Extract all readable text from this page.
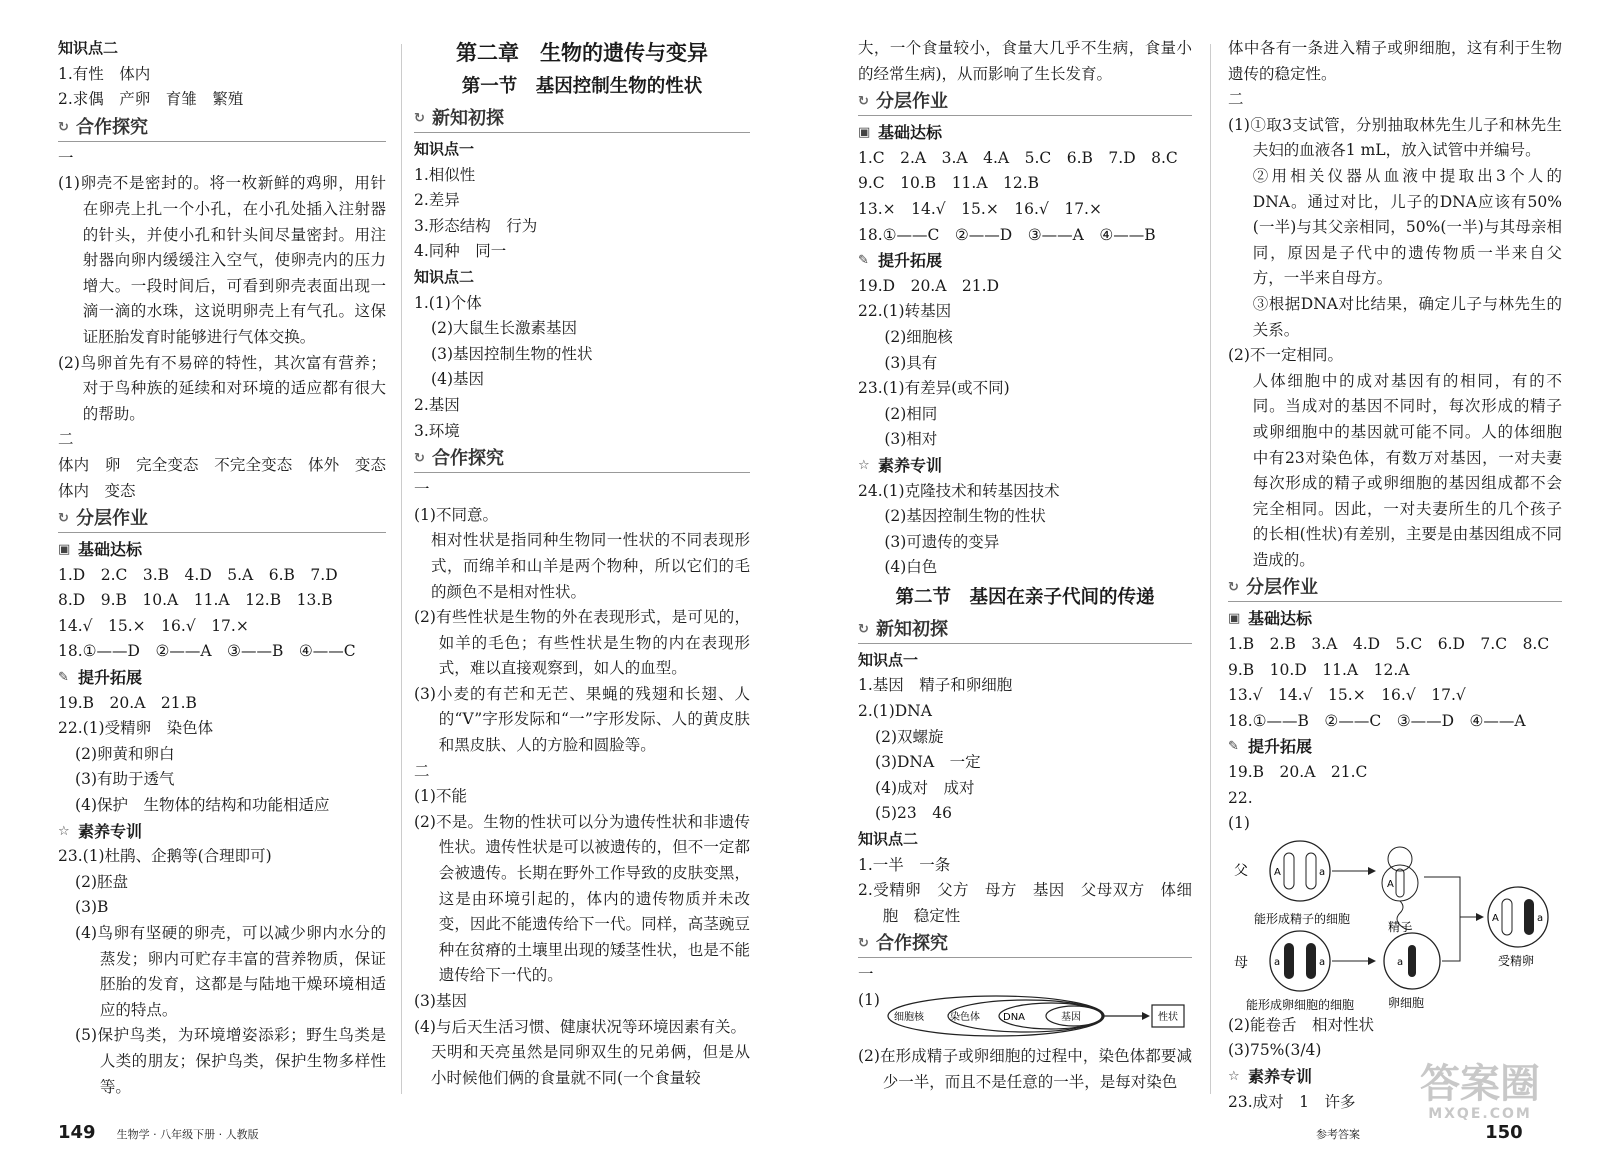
知识点二
1.有性　体内
2.求偶　产卵　育雏　繁殖
↻ 合作探究
一
(1)卵壳不是密封的。将一枚新鲜的鸡卵，用针在卵壳上扎一个小孔，在小孔处插入注射器的针头，并使小孔和针头间尽量密封。用注射器向卵内缓缓注入空气，使卵壳内的压力增大。一段时间后，可看到卵壳表面出现一滴一滴的水珠，这说明卵壳上有气孔。这保证胚胎发育时能够进行气体交换。
(2)鸟卵首先有不易碎的特性，其次富有营养；对于鸟种族的延续和对环境的适应都有很大的帮助。
二
体内　卵　完全变态　不完全变态　体外　变态　体内　变态
↻ 分层作业
▣ 基础达标
1.D　2.C　3.B　4.D　5.A　6.B　7.D
8.D　9.B　10.A　11.A　12.B　13.B
14.√　15.×　16.√　17.×
18.①——D　②——A　③——B　④——C
✎ 提升拓展
19.B　20.A　21.B
22.(1)受精卵　染色体
(2)卵黄和卵白
(3)有助于透气
(4)保护　生物体的结构和功能相适应
☆ 素养专训
23.(1)杜鹃、企鹅等(合理即可)
(2)胚盘
(3)B
(4)鸟卵有坚硬的卵壳，可以减少卵内水分的蒸发；卵内可贮存丰富的营养物质，保证胚胎的发育，这都是与陆地干燥环境相适应的特点。
(5)保护鸟类，为环境增姿添彩；野生鸟类是人类的朋友；保护鸟类，保护生物多样性等。
第二章　生物的遗传与变异
第一节　基因控制生物的性状
↻ 新知初探
知识点一
1.相似性
2.差异
3.形态结构　行为
4.同种　同一
知识点二
1.(1)个体
(2)大鼠生长激素基因
(3)基因控制生物的性状
(4)基因
2.基因
3.环境
↻ 合作探究
一
(1)不同意。
相对性状是指同种生物同一性状的不同表现形式，而绵羊和山羊是两个物种，所以它们的毛的颜色不是相对性状。
(2)有些性状是生物的外在表现形式，是可见的，如羊的毛色；有些性状是生物的内在表现形式，难以直接观察到，如人的血型。
(3)小麦的有芒和无芒、果蝇的残翅和长翅、人的“V”字形发际和“一”字形发际、人的黄皮肤和黑皮肤、人的方脸和圆脸等。
二
(1)不能
(2)不是。生物的性状可以分为遗传性状和非遗传性状。遗传性状是可以被遗传的，但不一定都会被遗传。长期在野外工作导致的皮肤变黑，这是由环境引起的，体内的遗传物质并未改变，因此不能遗传给下一代。同样，高茎豌豆种在贫瘠的土壤里出现的矮茎性状，也是不能遗传给下一代的。
(3)基因
(4)与后天生活习惯、健康状况等环境因素有关。
天明和天亮虽然是同卵双生的兄弟俩，但是从小时候他们俩的食量就不同(一个食量较
大，一个食量较小，食量大几乎不生病，食量小的经常生病)，从而影响了生长发育。
↻ 分层作业
▣ 基础达标
1.C　2.A　3.A　4.A　5.C　6.B　7.D　8.C
9.C　10.B　11.A　12.B
13.×　14.√　15.×　16.√　17.×
18.①——C　②——D　③——A　④——B
✎ 提升拓展
19.D　20.A　21.D
22.(1)转基因
(2)细胞核
(3)具有
23.(1)有差异(或不同)
(2)相同
(3)相对
☆ 素养专训
24.(1)克隆技术和转基因技术
(2)基因控制生物的性状
(3)可遗传的变异
(4)白色
第二节　基因在亲子代间的传递
↻ 新知初探
知识点一
1.基因　精子和卵细胞
2.(1)DNA
(2)双螺旋
(3)DNA　一定
(4)成对　成对
(5)23　46
知识点二
1.一半　一条
2.受精卵　父方　母方　基因　父母双方　体细胞　稳定性
↻ 合作探究
一
(1)
细胞核	染色体 DNA	基因	性状
(2)在形成精子或卵细胞的过程中，染色体都要减少一半，而且不是任意的一半，是每对染色
体中各有一条进入精子或卵细胞，这有利于生物遗传的稳定性。
二
(1)①取3支试管，分别抽取林先生儿子和林先生夫妇的血液各1 mL，放入试管中并编号。
②用相关仪器从血液中提取出3个人的DNA。通过对比，儿子的DNA应该有50%(一半)与其父亲相同，50%(一半)与其母亲相同，原因是子代中的遗传物质一半来自父方，一半来自母方。
③根据DNA对比结果，确定儿子与林先生的关系。
(2)不一定相同。
人体细胞中的成对基因有的相同，有的不同。当成对的基因不同时，每次形成的精子或卵细胞中的基因就可能不同。人的体细胞中有23对染色体，有数万对基因，一对夫妻每次形成的精子或卵细胞的基因组成都不会完全相同。因此，一对夫妻所生的几个孩子的长相(性状)有差别，主要是由基因组成不同造成的。
↻ 分层作业
▣ 基础达标
1.B　2.B　3.A　4.D　5.C　6.D　7.C　8.C
9.B　10.D　11.A　12.A
13.√　14.√　15.×　16.√　17.√
18.①——B　②——C　③——D　④——A
✎ 提升拓展
19.B　20.A　21.C
22.
(1)
父	A	a
能形成精子的细胞
A
精子
母	a	a
能形成卵细胞的细胞
a
卵细胞
A	a
受精卵
(2)能卷舌　相对性状
(3)75%(3/4)
☆ 素养专训
23.成对　1　许多
149 生物学 · 八年级下册 · 人教版	参考答案	150
答案圈
MXQE.COM
